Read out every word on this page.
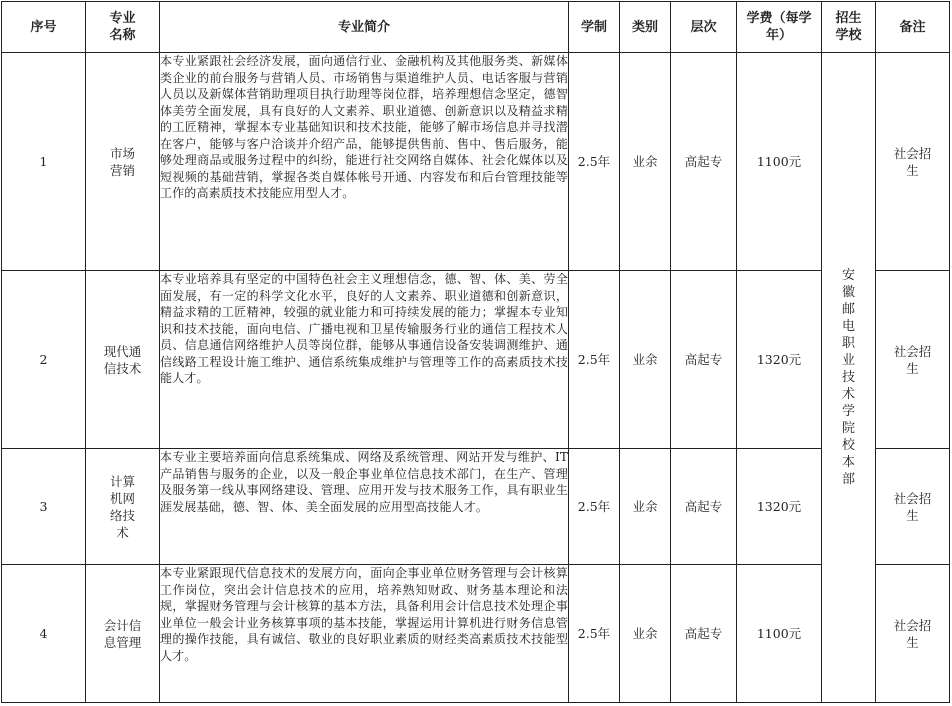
序号	专业名称	专业简介	学制	类别	层次	学费（每学年）	招生学校	备注
1	市场营销	本专业紧跟社会经济发展，面向通信行业、金融机构及其他服务类、新媒体类企业的前台服务与营销人员、市场销售与渠道维护人员、电话客服与营销人员以及新媒体营销助理项目执行助理等岗位群，培养理想信念坚定，德智体美劳全面发展，具有良好的人文素养、职业道德、创新意识以及精益求精的工匠精神，掌握本专业基础知识和技术技能，能够了解市场信息并寻找潜在客户，能够与客户洽谈并介绍产品，能够提供售前、售中、售后服务，能够处理商品或服务过程中的纠纷，能进行社交网络自媒体、社会化媒体以及短视频的基础营销，掌握各类自媒体帐号开通、内容发布和后台管理技能等工作的高素质技术技能应用型人才。	2.5年	业余	高起专	1100元	安徽邮电职业技术学院校本部	社会招生
2	现代通信技术	本专业培养具有坚定的中国特色社会主义理想信念，德、智、体、美、劳全面发展，有一定的科学文化水平，良好的人文素养、职业道德和创新意识，精益求精的工匠精神，较强的就业能力和可持续发展的能力；掌握本专业知识和技术技能，面向电信、广播电视和卫星传输服务行业的通信工程技术人员、信息通信网络维护人员等岗位群，能够从事通信设备安装调测维护、通信线路工程设计施工维护、通信系统集成维护与管理等工作的高素质技术技能人才。	2.5年	业余	高起专	1320元		社会招生
3	计算机网络技术	本专业主要培养面向信息系统集成、网络及系统管理、网站开发与维护、IT产品销售与服务的企业，以及一般企事业单位信息技术部门，在生产、管理及服务第一线从事网络建设、管理、应用开发与技术服务工作，具有职业生涯发展基础，德、智、体、美全面发展的应用型高技能人才。	2.5年	业余	高起专	1320元		社会招生
4	会计信息管理	本专业紧跟现代信息技术的发展方向，面向企事业单位财务管理与会计核算工作岗位，突出会计信息技术的应用，培养熟知财政、财务基本理论和法规，掌握财务管理与会计核算的基本方法，具备利用会计信息技术处理企事业单位一般会计业务核算事项的基本技能，掌握运用计算机进行财务信息管理的操作技能，具有诚信、敬业的良好职业素质的财经类高素质技术技能型人才。	2.5年	业余	高起专	1100元		社会招生
